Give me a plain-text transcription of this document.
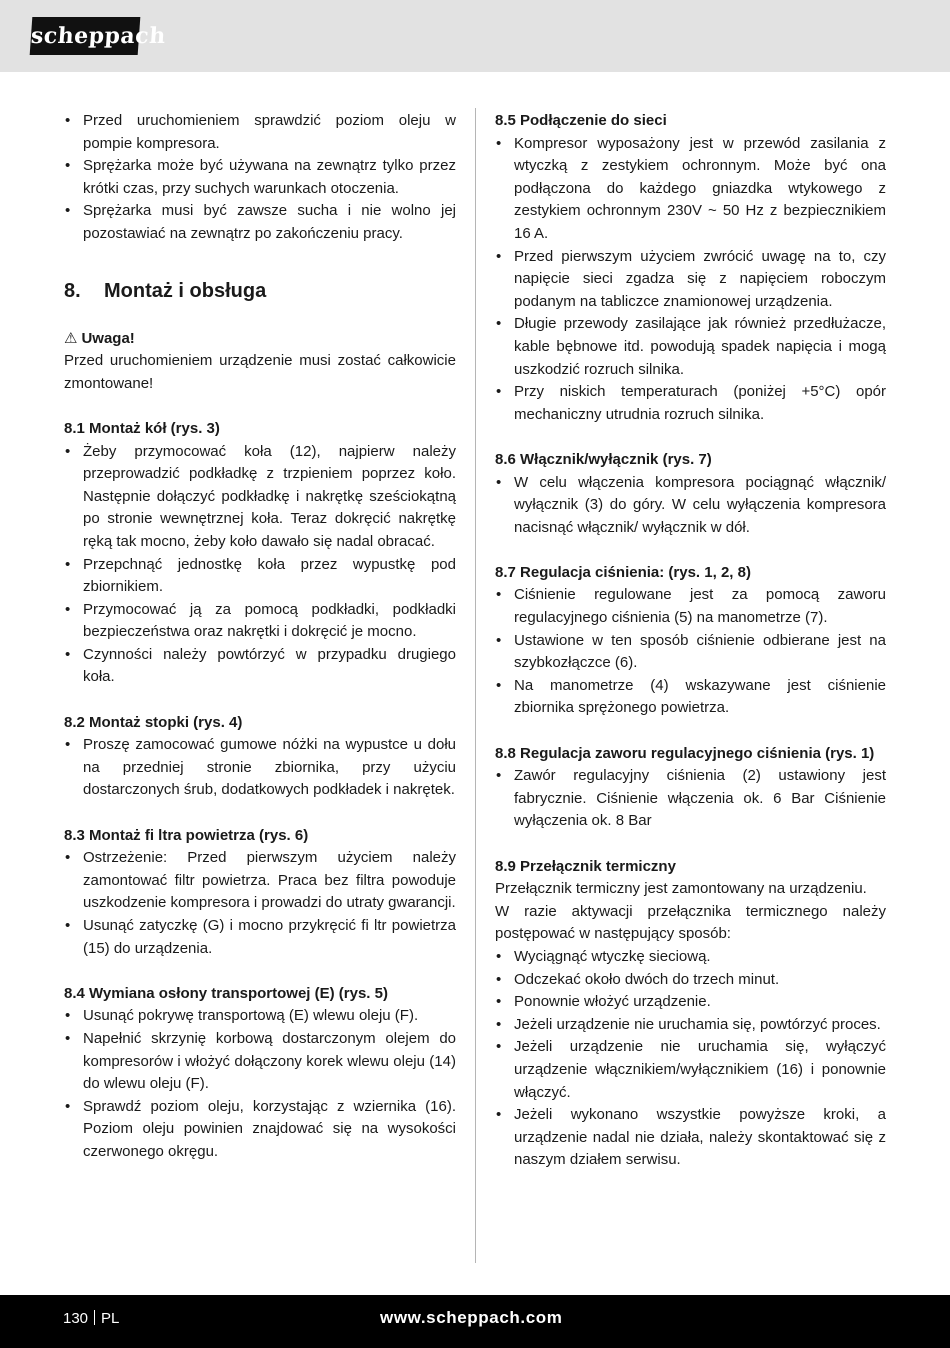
scheppach
• Przed uruchomieniem sprawdzić poziom oleju w pompie kompresora.
• Sprężarka może być używana na zewnątrz tylko przez krótki czas, przy suchych warunkach otoczenia.
• Sprężarka musi być zawsze sucha i nie wolno jej pozostawiać na zewnątrz po zakończeniu pracy.
8. Montaż i obsługa
⚠ Uwaga!

Przed uruchomieniem urządzenie musi zostać całkowicie zmontowane!

8.1 Montaż kół (rys. 3)

• Żeby przymocować koła (12), najpierw należy przeprowadzić podkładkę z trzpieniem poprzez koło. Następnie dołączyć podkładkę i nakrętkę sześciokątną po stronie wewnętrznej koła. Teraz dokręcić nakrętkę ręką tak mocno, żeby koło dawało się nadal obracać.
• Przepchnąć jednostkę koła przez wypustkę pod zbiornikiem.
• Przymocować ją za pomocą podkładki, podkładki bezpieczeństwa oraz nakrętki i dokręcić je mocno.
• Czynności należy powtórzyć w przypadku drugiego koła.

8.2 Montaż stopki (rys. 4)

• Proszę zamocować gumowe nóżki na wypustce u dołu na przedniej stronie zbiornika, przy użyciu dostarczonych śrub, dodatkowych podkładek i nakrętek.

8.3 Montaż fi ltra powietrza (rys. 6)

• Ostrzeżenie: Przed pierwszym użyciem należy zamontować filtr powietrza. Praca bez filtra powoduje uszkodzenie kompresora i prowadzi do utraty gwarancji.
• Usunąć zatyczkę (G) i mocno przykręcić fi ltr powietrza (15) do urządzenia.

8.4 Wymiana osłony transportowej (E) (rys. 5)

• Usunąć pokrywę transportową (E) wlewu oleju (F).
• Napełnić skrzynię korbową dostarczonym olejem do kompresorów i włożyć dołączony korek wlewu oleju (14) do wlewu oleju (F).
• Sprawdź poziom oleju, korzystając z wziernika (16). Poziom oleju powinien znajdować się na wysokości czerwonego okręgu.

8.5 Podłączenie do sieci

• Kompresor wyposażony jest w przewód zasilania z wtyczką z zestykiem ochronnym. Może być ona podłączona do każdego gniazdka wtykowego z zestykiem ochronnym 230V ~ 50 Hz z bezpiecznikiem 16 A.
• Przed pierwszym użyciem zwrócić uwagę na to, czy napięcie sieci zgadza się z napięciem roboczym podanym na tabliczce znamionowej urządzenia.
• Długie przewody zasilające jak również przedłużacze, kable bębnowe itd. powodują spadek napięcia i mogą uszkodzić rozruch silnika.
• Przy niskich temperaturach (poniżej +5°C) opór mechaniczny utrudnia rozruch silnika.

8.6 Włącznik/wyłącznik (rys. 7)

• W celu włączenia kompresora pociągnąć włącznik/ wyłącznik (3) do góry. W celu wyłączenia kompresora nacisnąć włącznik/ wyłącznik w dół.

8.7 Regulacja ciśnienia: (rys. 1, 2, 8)

• Ciśnienie regulowane jest za pomocą zaworu regulacyjnego ciśnienia (5) na manometrze (7).
• Ustawione w ten sposób ciśnienie odbierane jest na szybkozłączce (6).
• Na manometrze (4) wskazywane jest ciśnienie zbiornika sprężonego powietrza.

8.8 Regulacja zaworu regulacyjnego ciśnienia (rys. 1)

• Zawór regulacyjny ciśnienia (2) ustawiony jest fabrycznie. Ciśnienie włączenia ok. 6 Bar Ciśnienie wyłączenia ok. 8 Bar

8.9 Przełącznik termiczny

Przełącznik termiczny jest zamontowany na urządzeniu.

W razie aktywacji przełącznika termicznego należy postępować w następujący sposób:

• Wyciągnąć wtyczkę sieciową.
• Odczekać około dwóch do trzech minut.
• Ponownie włożyć urządzenie.
• Jeżeli urządzenie nie uruchamia się, powtórzyć proces.
• Jeżeli urządzenie nie uruchamia się, wyłączyć urządzenie włącznikiem/wyłącznikiem (16) i ponownie włączyć.
• Jeżeli wykonano wszystkie powyższe kroki, a urządzenie nadal nie działa, należy skontaktować się z naszym działem serwisu.
130 PL	www.scheppach.com
